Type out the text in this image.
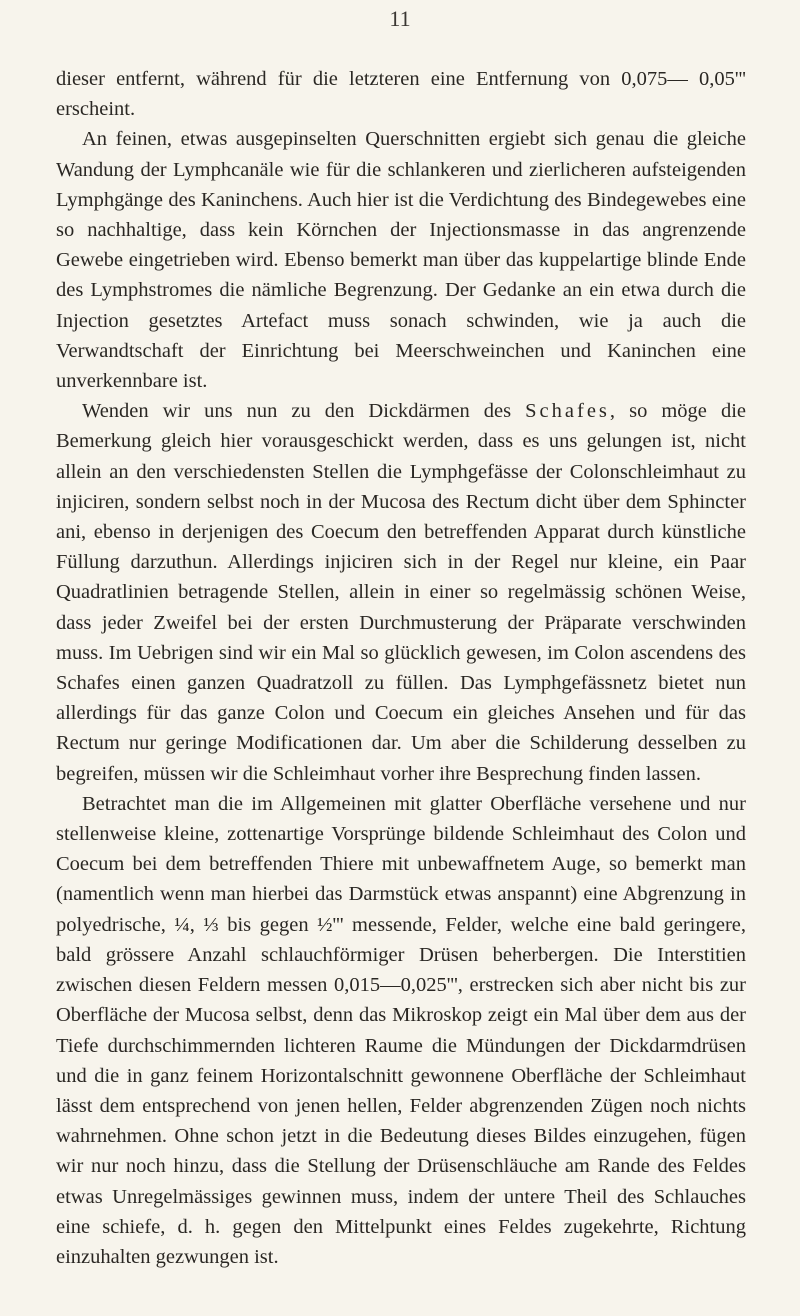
11

dieser entfernt, während für die letzteren eine Entfernung von 0,075— 0,05''' erscheint.

An feinen, etwas ausgepinselten Querschnitten ergiebt sich genau die gleiche Wandung der Lymphcanäle wie für die schlankeren und zierlicheren aufsteigenden Lymphgänge des Kaninchens. Auch hier ist die Verdichtung des Bindegewebes eine so nachhaltige, dass kein Körnchen der Injectionsmasse in das angrenzende Gewebe eingetrieben wird. Ebenso bemerkt man über das kuppelartige blinde Ende des Lymphstromes die nämliche Begrenzung. Der Gedanke an ein etwa durch die Injection gesetztes Artefact muss sonach schwinden, wie ja auch die Verwandtschaft der Einrichtung bei Meerschweinchen und Kaninchen eine unverkennbare ist.

Wenden wir uns nun zu den Dickdärmen des Schafes, so möge die Bemerkung gleich hier vorausgeschickt werden, dass es uns gelungen ist, nicht allein an den verschiedensten Stellen die Lymphgefässe der Colonschleimhaut zu injiciren, sondern selbst noch in der Mucosa des Rectum dicht über dem Sphincter ani, ebenso in derjenigen des Coecum den betreffenden Apparat durch künstliche Füllung darzuthun. Allerdings injiciren sich in der Regel nur kleine, ein Paar Quadratlinien betragende Stellen, allein in einer so regelmässig schönen Weise, dass jeder Zweifel bei der ersten Durchmusterung der Präparate verschwinden muss. Im Uebrigen sind wir ein Mal so glücklich gewesen, im Colon ascendens des Schafes einen ganzen Quadratzoll zu füllen. Das Lymphgefässnetz bietet nun allerdings für das ganze Colon und Coecum ein gleiches Ansehen und für das Rectum nur geringe Modificationen dar. Um aber die Schilderung desselben zu begreifen, müssen wir die Schleimhaut vorher ihre Besprechung finden lassen.

Betrachtet man die im Allgemeinen mit glatter Oberfläche versehene und nur stellenweise kleine, zottenartige Vorsprünge bildende Schleimhaut des Colon und Coecum bei dem betreffenden Thiere mit unbewaffnetem Auge, so bemerkt man (namentlich wenn man hierbei das Darmstück etwas anspannt) eine Abgrenzung in polyedrische, ¼, ⅓ bis gegen ½''' messende, Felder, welche eine bald geringere, bald grössere Anzahl schlauchförmiger Drüsen beherbergen. Die Interstitien zwischen diesen Feldern messen 0,015—0,025''', erstrecken sich aber nicht bis zur Oberfläche der Mucosa selbst, denn das Mikroskop zeigt ein Mal über dem aus der Tiefe durchschimmernden lichteren Raume die Mündungen der Dickdarmdrüsen und die in ganz feinem Horizontalschnitt gewonnene Oberfläche der Schleimhaut lässt dem entsprechend von jenen hellen, Felder abgrenzenden Zügen noch nichts wahrnehmen. Ohne schon jetzt in die Bedeutung dieses Bildes einzugehen, fügen wir nur noch hinzu, dass die Stellung der Drüsenschläuche am Rande des Feldes etwas Unregelmässiges gewinnen muss, indem der untere Theil des Schlauches eine schiefe, d. h. gegen den Mittelpunkt eines Feldes zugekehrte, Richtung einzuhalten gezwungen ist.
